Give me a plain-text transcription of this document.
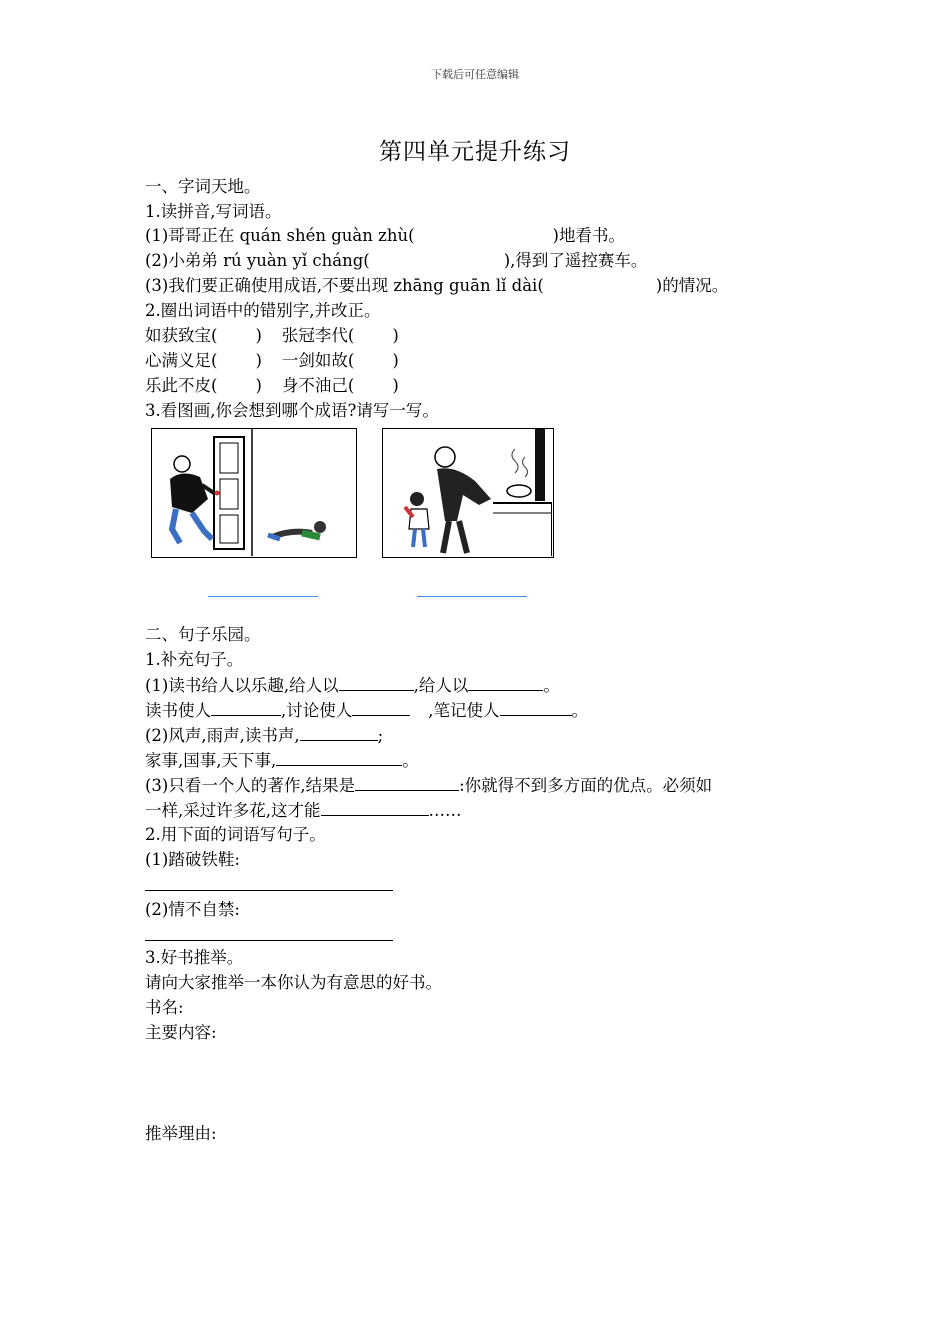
下载后可任意编辑
第四单元提升练习
一、字词天地。
1.读拼音,写词语。
(1)哥哥正在 quán shén guàn zhù(	)地看书。
(2)小弟弟 rú yuàn yǐ cháng(	),得到了遥控赛车。
(3)我们要正确使用成语,不要出现 zhāng guān lǐ dài(	)的情况。
2.圈出词语中的错别字,并改正。
如获致宝( ) 张冠李代( )
心满义足( ) 一剑如故( )
乐此不皮( ) 身不油己( )
3.看图画,你会想到哪个成语?请写一写。
二、句子乐园。
1.补充句子。
(1)读书给人以乐趣,给人以	,给人以	。
读书使人	,讨论使人	,笔记使人	。
(2)风声,雨声,读书声,	;
家事,国事,天下事,	。
(3)只看一个人的著作,结果是	:你就得不到多方面的优点。必须如
一样,采过许多花,这才能	……
2.用下面的词语写句子。
(1)踏破铁鞋:
(2)情不自禁:
3.好书推举。
请向大家推举一本你认为有意思的好书。
书名:
主要内容:
推举理由:
